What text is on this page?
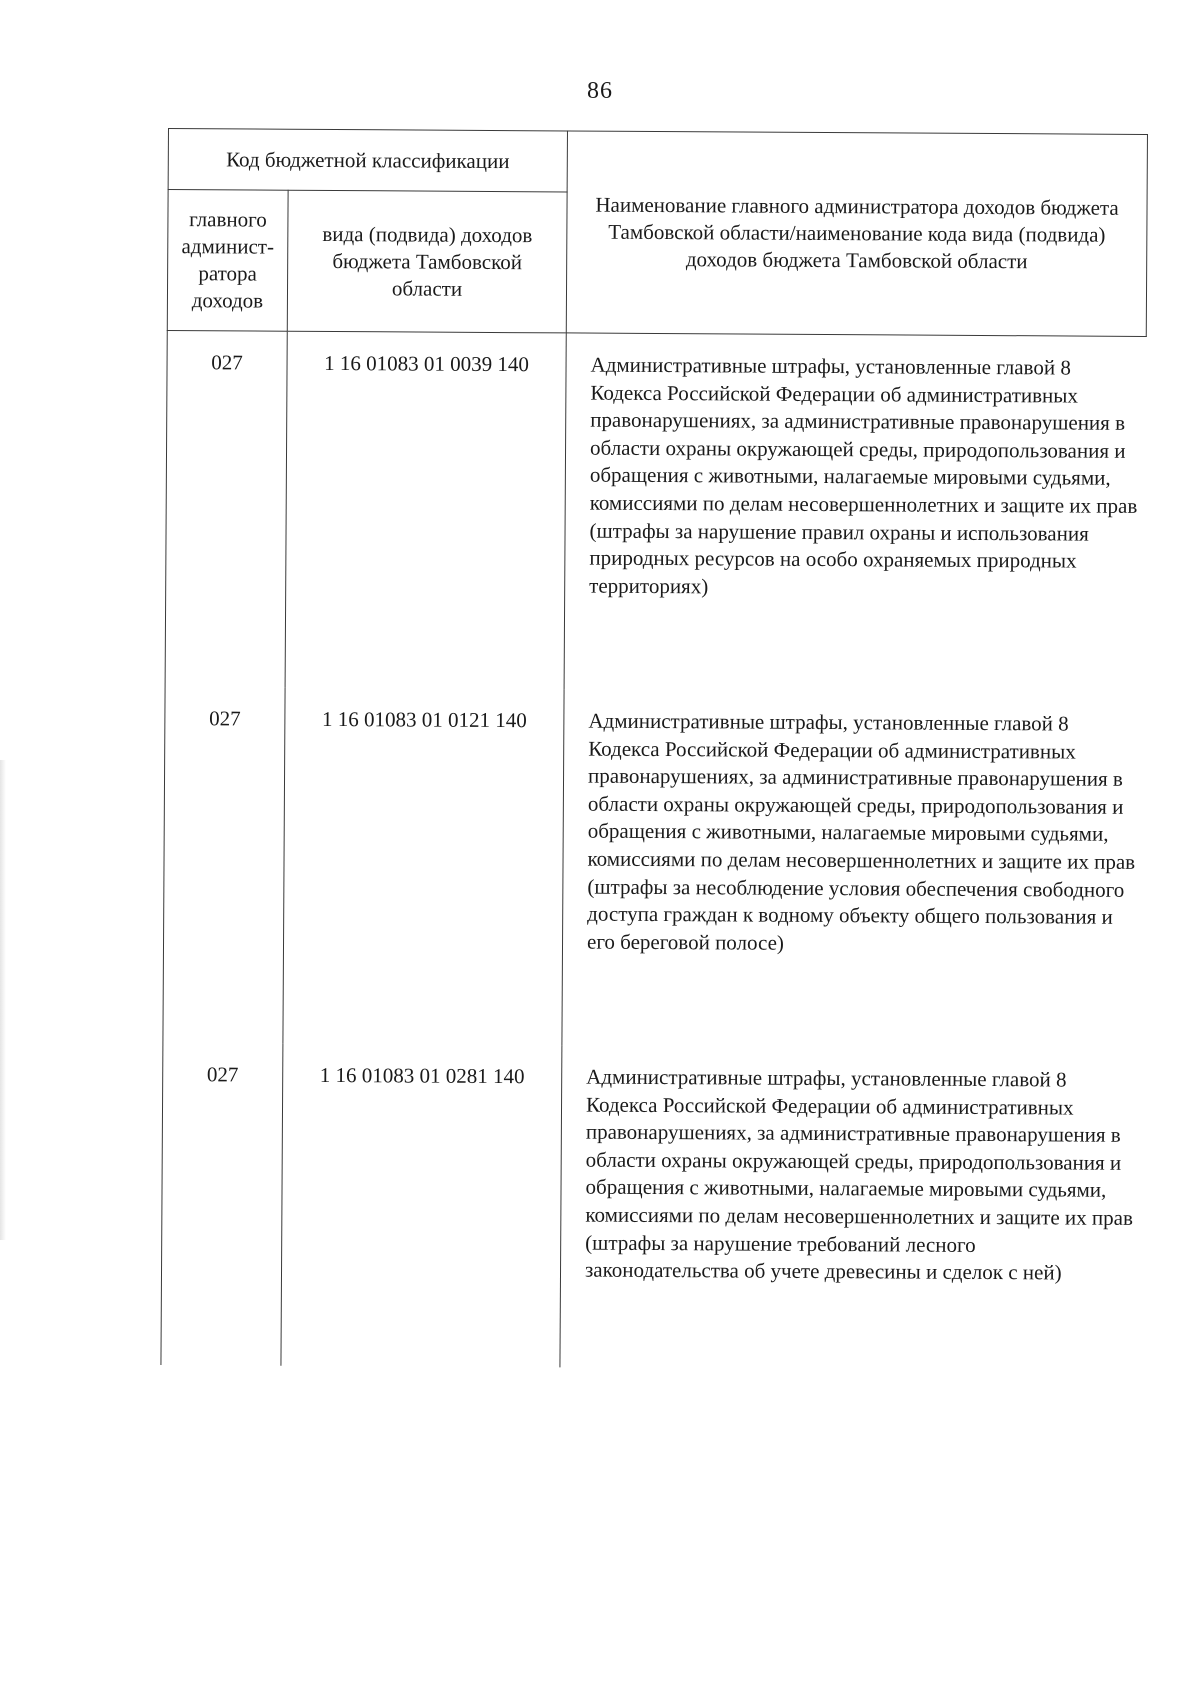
86
Код бюджетной классификации		Наименование главного администратора доходов бюджета Тамбовской области/наименование кода вида (подвида) доходов бюджета Тамбовской области
главного админист-ратора доходов	вида (подвида) доходов бюджета Тамбовской области	
027	1 16 01083 01 0039 140	Административные штрафы, установленные главой 8 Кодекса Российской Федерации об административных правонарушениях, за административные правонарушения в области охраны окружающей среды, природопользования и обращения с животными, налагаемые мировыми судьями, комиссиями по делам несовершеннолетних и защите их прав (штрафы за нарушение правил охраны и использования природных ресурсов на особо охраняемых природных территориях)
027	1 16 01083 01 0121 140	Административные штрафы, установленные главой 8 Кодекса Российской Федерации об административных правонарушениях, за административные правонарушения в области охраны окружающей среды, природопользования и обращения с животными, налагаемые мировыми судьями, комиссиями по делам несовершеннолетних и защите их прав (штрафы за несоблюдение условия обеспечения свободного доступа граждан к водному объекту общего пользования и его береговой полосе)
027	1 16 01083 01 0281 140	Административные штрафы, установленные главой 8 Кодекса Российской Федерации об административных правонарушениях, за административные правонарушения в области охраны окружающей среды, природопользования и обращения с животными, налагаемые мировыми судьями, комиссиями по делам несовершеннолетних и защите их прав (штрафы за нарушение требований лесного законодательства об учете древесины и сделок с ней)
